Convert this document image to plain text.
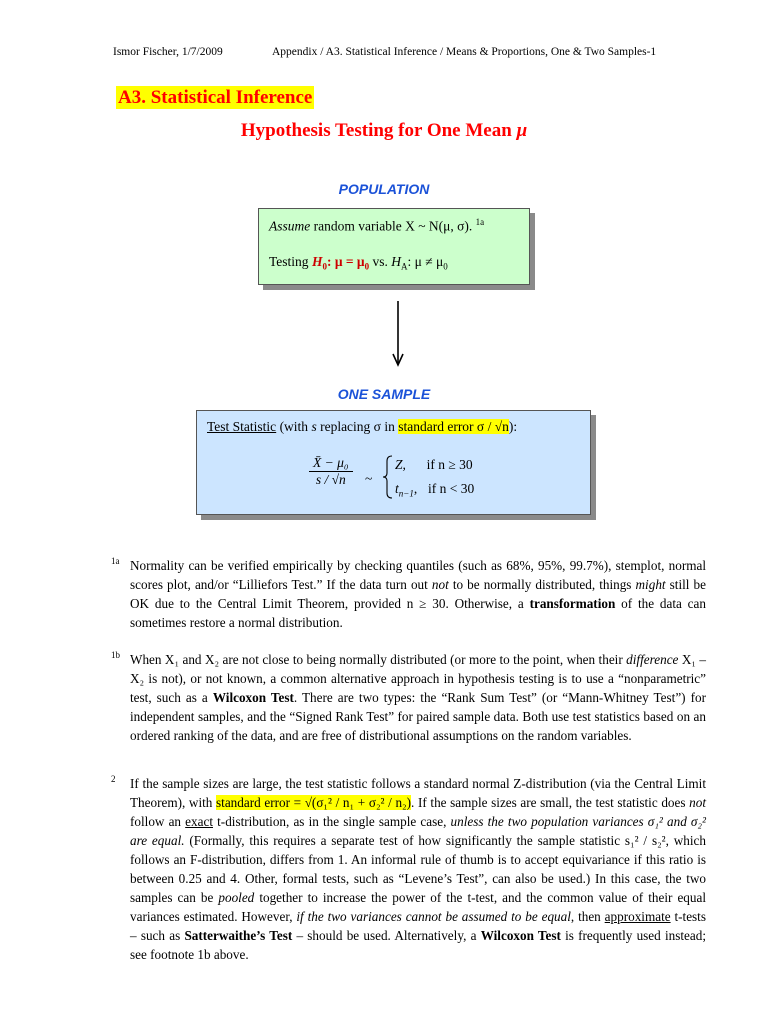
Ismor Fischer, 1/7/2009	Appendix / A3. Statistical Inference / Means & Proportions, One & Two Samples-1
A3. Statistical Inference
Hypothesis Testing for One Mean μ
POPULATION
Assume random variable X ~ N(μ, σ). $^{1a}$
Testing $H_0$: $\mu = \mu_0$ vs. $H_A$: $\mu \ne \mu_0$
ONE SAMPLE
Test Statistic (with s replacing σ in standard error σ / √n):
$\frac{\text{X̄ − μ₀}}{s / √n}$ ~
Z, if n ≥ 30
$t_{n-1}$, if n < 30
1a Normality can be verified empirically by checking quantiles (such as 68%, 95%, 99.7%), stemplot, normal scores plot, and/or “Lilliefors Test.” If the data turn out not to be normally distributed, things might still be OK due to the Central Limit Theorem, provided n ≥ 30. Otherwise, a transformation of the data can sometimes restore a normal distribution.
1b When X₁ and X₂ are not close to being normally distributed (or more to the point, when their difference X₁ – X₂ is not), or not known, a common alternative approach in hypothesis testing is to use a “nonparametric” test, such as a Wilcoxon Test. There are two types: the “Rank Sum Test” (or “Mann-Whitney Test”) for independent samples, and the “Signed Rank Test” for paired sample data. Both use test statistics based on an ordered ranking of the data, and are free of distributional assumptions on the random variables.
2 If the sample sizes are large, the test statistic follows a standard normal Z-distribution (via the Central Limit Theorem), with standard error = √(σ₁² / n₁ + σ₂² / n₂). If the sample sizes are small, the test statistic does not follow an exact t-distribution, as in the single sample case, unless the two population variances σ₁² and σ₂² are equal. (Formally, this requires a separate test of how significantly the sample statistic s₁² / s₂², which follows an F-distribution, differs from 1. An informal rule of thumb is to accept equivariance if this ratio is between 0.25 and 4. Other, formal tests, such as “Levene’s Test”, can also be used.) In this case, the two samples can be pooled together to increase the power of the t-test, and the common value of their equal variances estimated. However, if the two variances cannot be assumed to be equal, then approximate t-tests – such as Satterwaithe’s Test – should be used. Alternatively, a Wilcoxon Test is frequently used instead; see footnote 1b above.
